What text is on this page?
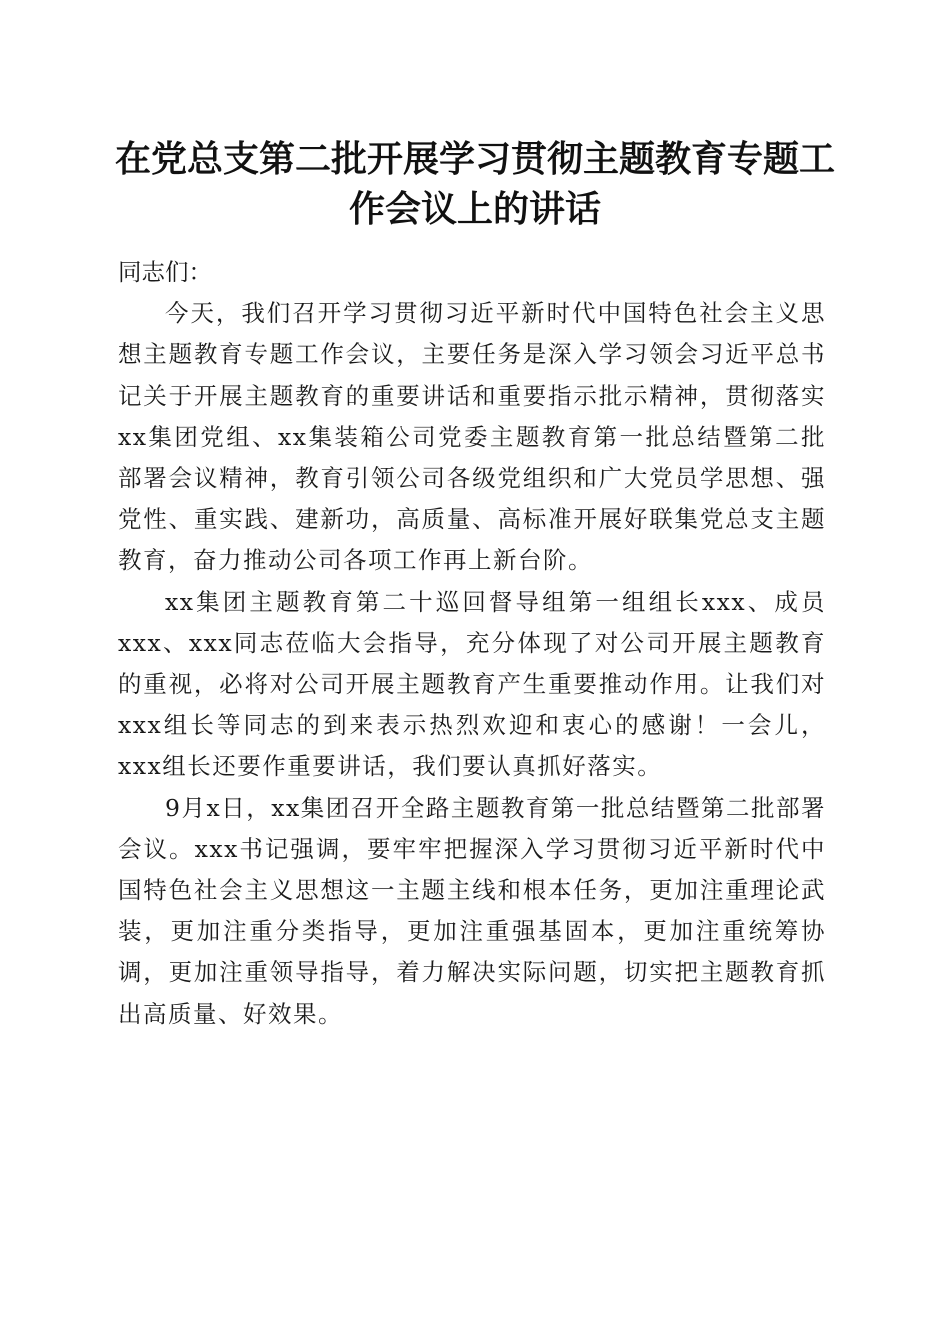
在党总支第二批开展学习贯彻主题教育专题工作会议上的讲话

同志们：

今天，我们召开学习贯彻习近平新时代中国特色社会主义思想主题教育专题工作会议，主要任务是深入学习领会习近平总书记关于开展主题教育的重要讲话和重要指示批示精神，贯彻落实xx集团党组、xx集装箱公司党委主题教育第一批总结暨第二批部署会议精神，教育引领公司各级党组织和广大党员学思想、强党性、重实践、建新功，高质量、高标准开展好联集党总支主题教育，奋力推动公司各项工作再上新台阶。

xx集团主题教育第二十巡回督导组第一组组长xxx、成员xxx、xxx同志莅临大会指导，充分体现了对公司开展主题教育的重视，必将对公司开展主题教育产生重要推动作用。让我们对xxx组长等同志的到来表示热烈欢迎和衷心的感谢！一会儿，xxx组长还要作重要讲话，我们要认真抓好落实。

9月x日，xx集团召开全路主题教育第一批总结暨第二批部署会议。xxx书记强调，要牢牢把握深入学习贯彻习近平新时代中国特色社会主义思想这一主题主线和根本任务，更加注重理论武装，更加注重分类指导，更加注重强基固本，更加注重统筹协调，更加注重领导指导，着力解决实际问题，切实把主题教育抓出高质量、好效果。
